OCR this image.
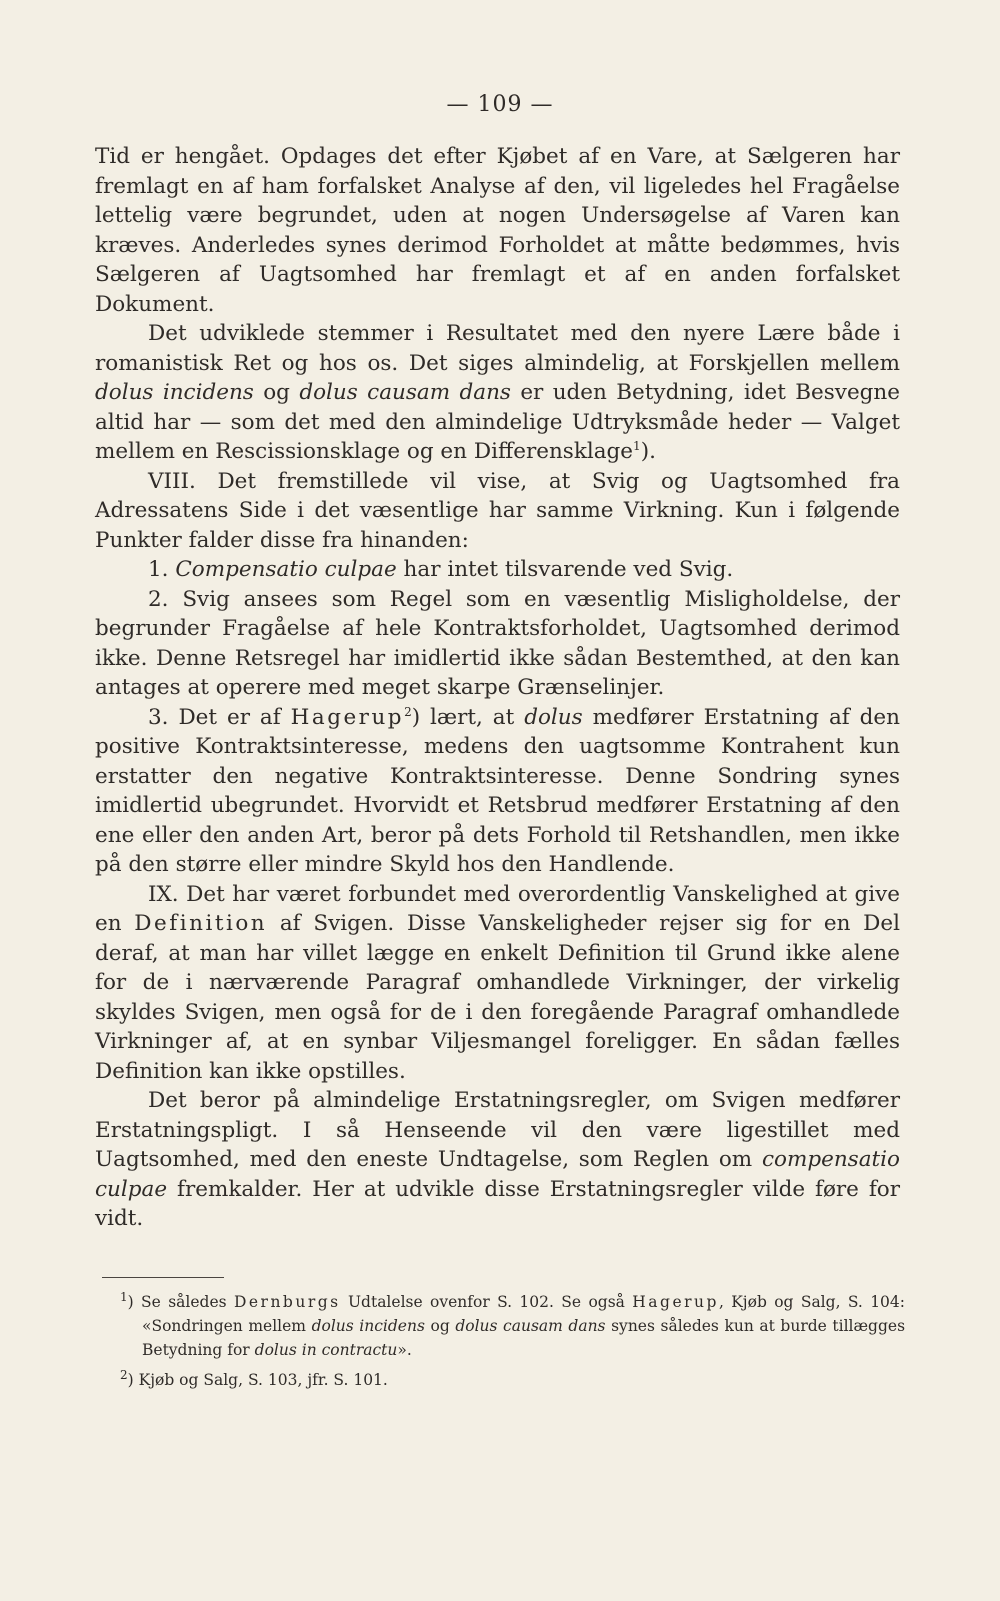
— 109 —

Tid er hengået. Opdages det efter Kjøbet af en Vare, at Sælgeren har fremlagt en af ham forfalsket Analyse af den, vil ligeledes hel Fragåelse lettelig være begrundet, uden at nogen Undersøgelse af Varen kan kræves. Anderledes synes derimod Forholdet at måtte bedømmes, hvis Sælgeren af Uagtsomhed har fremlagt et af en anden forfalsket Dokument.

Det udviklede stemmer i Resultatet med den nyere Lære både i romanistisk Ret og hos os. Det siges almindelig, at Forskjellen mellem dolus incidens og dolus causam dans er uden Betydning, idet Besvegne altid har — som det med den almindelige Udtryksmåde heder — Valget mellem en Rescissionsklage og en Differensklage$^1$).

VIII. Det fremstillede vil vise, at Svig og Uagtsomhed fra Adressatens Side i det væsentlige har samme Virkning. Kun i følgende Punkter falder disse fra hinanden:

1. Compensatio culpae har intet tilsvarende ved Svig.

2. Svig ansees som Regel som en væsentlig Misligholdelse, der begrunder Fragåelse af hele Kontraktsforholdet, Uagtsomhed derimod ikke. Denne Retsregel har imidlertid ikke sådan Bestemthed, at den kan antages at operere med meget skarpe Grænselinjer.

3. Det er af Hagerup$^2$) lært, at dolus medfører Erstatning af den positive Kontraktsinteresse, medens den uagtsomme Kontrahent kun erstatter den negative Kontraktsinteresse. Denne Sondring synes imidlertid ubegrundet. Hvorvidt et Retsbrud medfører Erstatning af den ene eller den anden Art, beror på dets Forhold til Retshandlen, men ikke på den større eller mindre Skyld hos den Handlende.

IX. Det har været forbundet med overordentlig Vanskelighed at give en Definition af Svigen. Disse Vanskeligheder rejser sig for en Del deraf, at man har villet lægge en enkelt Definition til Grund ikke alene for de i nærværende Paragraf omhandlede Virkninger, der virkelig skyldes Svigen, men også for de i den foregående Paragraf omhandlede Virkninger af, at en synbar Viljesmangel foreligger. En sådan fælles Definition kan ikke opstilles.

Det beror på almindelige Erstatningsregler, om Svigen medfører Erstatningspligt. I så Henseende vil den være ligestillet med Uagtsomhed, med den eneste Undtagelse, som Reglen om compensatio culpae fremkalder. Her at udvikle disse Erstatningsregler vilde føre for vidt.

$^1$) Se således Dernburgs Udtalelse ovenfor S. 102. Se også Hagerup, Kjøb og Salg, S. 104: «Sondringen mellem dolus incidens og dolus causam dans synes således kun at burde tillægges Betydning for dolus in contractu».

$^2$) Kjøb og Salg, S. 103, jfr. S. 101.
